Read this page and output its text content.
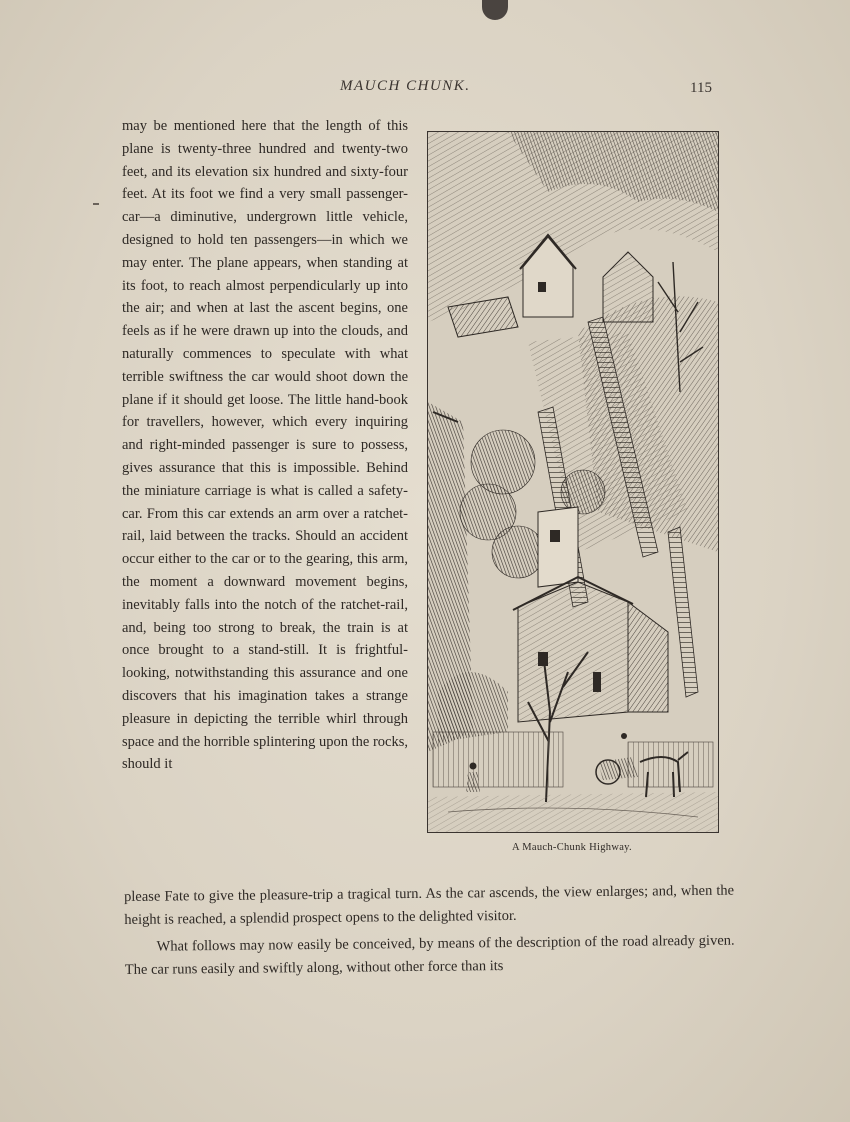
MAUCH CHUNK.	115

may be mentioned here that the length of this plane is twenty-three hundred and twenty-two feet, and its elevation six hundred and sixty-four feet. At its foot we find a very small passenger-car—a diminutive, undergrown little vehicle, designed to hold ten passengers—in which we may enter. The plane appears, when standing at its foot, to reach almost perpendicularly up into the air; and when at last the ascent begins, one feels as if he were drawn up into the clouds, and naturally commences to speculate with what terrible swiftness the car would shoot down the plane if it should get loose. The little hand-book for travellers, however, which every inquiring and right-minded passenger is sure to possess, gives assurance that this is impossible. Behind the miniature carriage is what is called a safety-car. From this car extends an arm over a ratchet-rail, laid between the tracks. Should an accident occur either to the car or to the gearing, this arm, the moment a downward movement begins, inevitably falls into the notch of the ratchet-rail, and, being too strong to break, the train is at once brought to a stand-still. It is frightful-looking, notwithstanding this assurance and one discovers that his imagination takes a strange pleasure in depicting the terrible whirl through space and the horrible splintering upon the rocks, should it

A Mauch-Chunk Highway.

please Fate to give the pleasure-trip a tragical turn. As the car ascends, the view enlarges; and, when the height is reached, a splendid prospect opens to the delighted visitor.

What follows may now easily be conceived, by means of the description of the road already given. The car runs easily and swiftly along, without other force than its
